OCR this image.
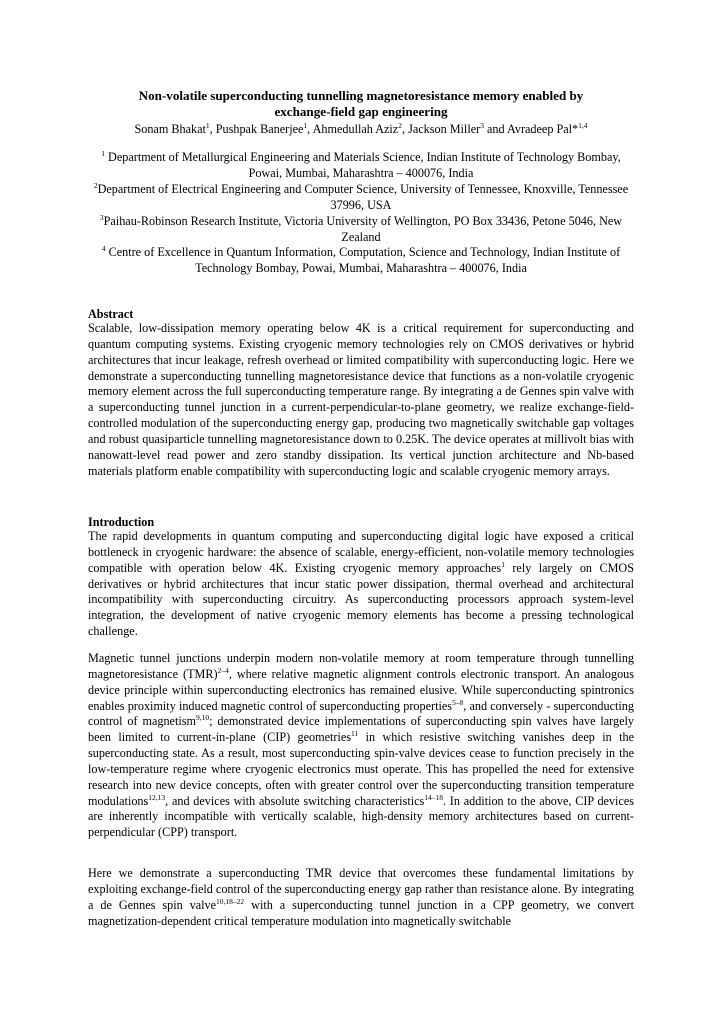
Non-volatile superconducting tunnelling magnetoresistance memory enabled by
exchange-field gap engineering
Sonam Bhakat$^1$, Pushpak Banerjee$^1$, Ahmedullah Aziz$^2$, Jackson Miller$^3$ and Avradeep Pal*$^{1,4}$

$^1$ Department of Metallurgical Engineering and Materials Science, Indian Institute of Technology Bombay, Powai, Mumbai, Maharashtra – 400076, India

$^2$Department of Electrical Engineering and Computer Science, University of Tennessee, Knoxville, Tennessee 37996, USA

$^3$Paihau-Robinson Research Institute, Victoria University of Wellington, PO Box 33436, Petone 5046, New Zealand

$^4$ Centre of Excellence in Quantum Information, Computation, Science and Technology, Indian Institute of Technology Bombay, Powai, Mumbai, Maharashtra – 400076, India

Abstract

Scalable, low-dissipation memory operating below 4K is a critical requirement for superconducting and quantum computing systems. Existing cryogenic memory technologies rely on CMOS derivatives or hybrid architectures that incur leakage, refresh overhead or limited compatibility with superconducting logic. Here we demonstrate a superconducting tunnelling magnetoresistance device that functions as a non-volatile cryogenic memory element across the full superconducting temperature range. By integrating a de Gennes spin valve with a superconducting tunnel junction in a current-perpendicular-to-plane geometry, we realize exchange-field-controlled modulation of the superconducting energy gap, producing two magnetically switchable gap voltages and robust quasiparticle tunnelling magnetoresistance down to 0.25K. The device operates at millivolt bias with nanowatt-level read power and zero standby dissipation. Its vertical junction architecture and Nb-based materials platform enable compatibility with superconducting logic and scalable cryogenic memory arrays.

Introduction

The rapid developments in quantum computing and superconducting digital logic have exposed a critical bottleneck in cryogenic hardware: the absence of scalable, energy-efficient, non-volatile memory technologies compatible with operation below 4K. Existing cryogenic memory approaches$^1$ rely largely on CMOS derivatives or hybrid architectures that incur static power dissipation, thermal overhead and architectural incompatibility with superconducting circuitry. As superconducting processors approach system-level integration, the development of native cryogenic memory elements has become a pressing technological challenge.

Magnetic tunnel junctions underpin modern non-volatile memory at room temperature through tunnelling magnetoresistance (TMR)$^{2-4}$, where relative magnetic alignment controls electronic transport. An analogous device principle within superconducting electronics has remained elusive. While superconducting spintronics enables proximity induced magnetic control of superconducting properties$^{5-8}$, and conversely - superconducting control of magnetism$^{9,10}$; demonstrated device implementations of superconducting spin valves have largely been limited to current-in-plane (CIP) geometries$^{11}$ in which resistive switching vanishes deep in the superconducting state. As a result, most superconducting spin-valve devices cease to function precisely in the low-temperature regime where cryogenic electronics must operate. This has propelled the need for extensive research into new device concepts, often with greater control over the superconducting transition temperature modulations$^{12,13}$, and devices with absolute switching characteristics$^{14-18}$. In addition to the above, CIP devices are inherently incompatible with vertically scalable, high-density memory architectures based on current-perpendicular (CPP) transport.

Here we demonstrate a superconducting TMR device that overcomes these fundamental limitations by exploiting exchange-field control of the superconducting energy gap rather than resistance alone. By integrating a de Gennes spin valve$^{10,18-22}$ with a superconducting tunnel junction in a CPP geometry, we convert magnetization-dependent critical temperature modulation into magnetically switchable
